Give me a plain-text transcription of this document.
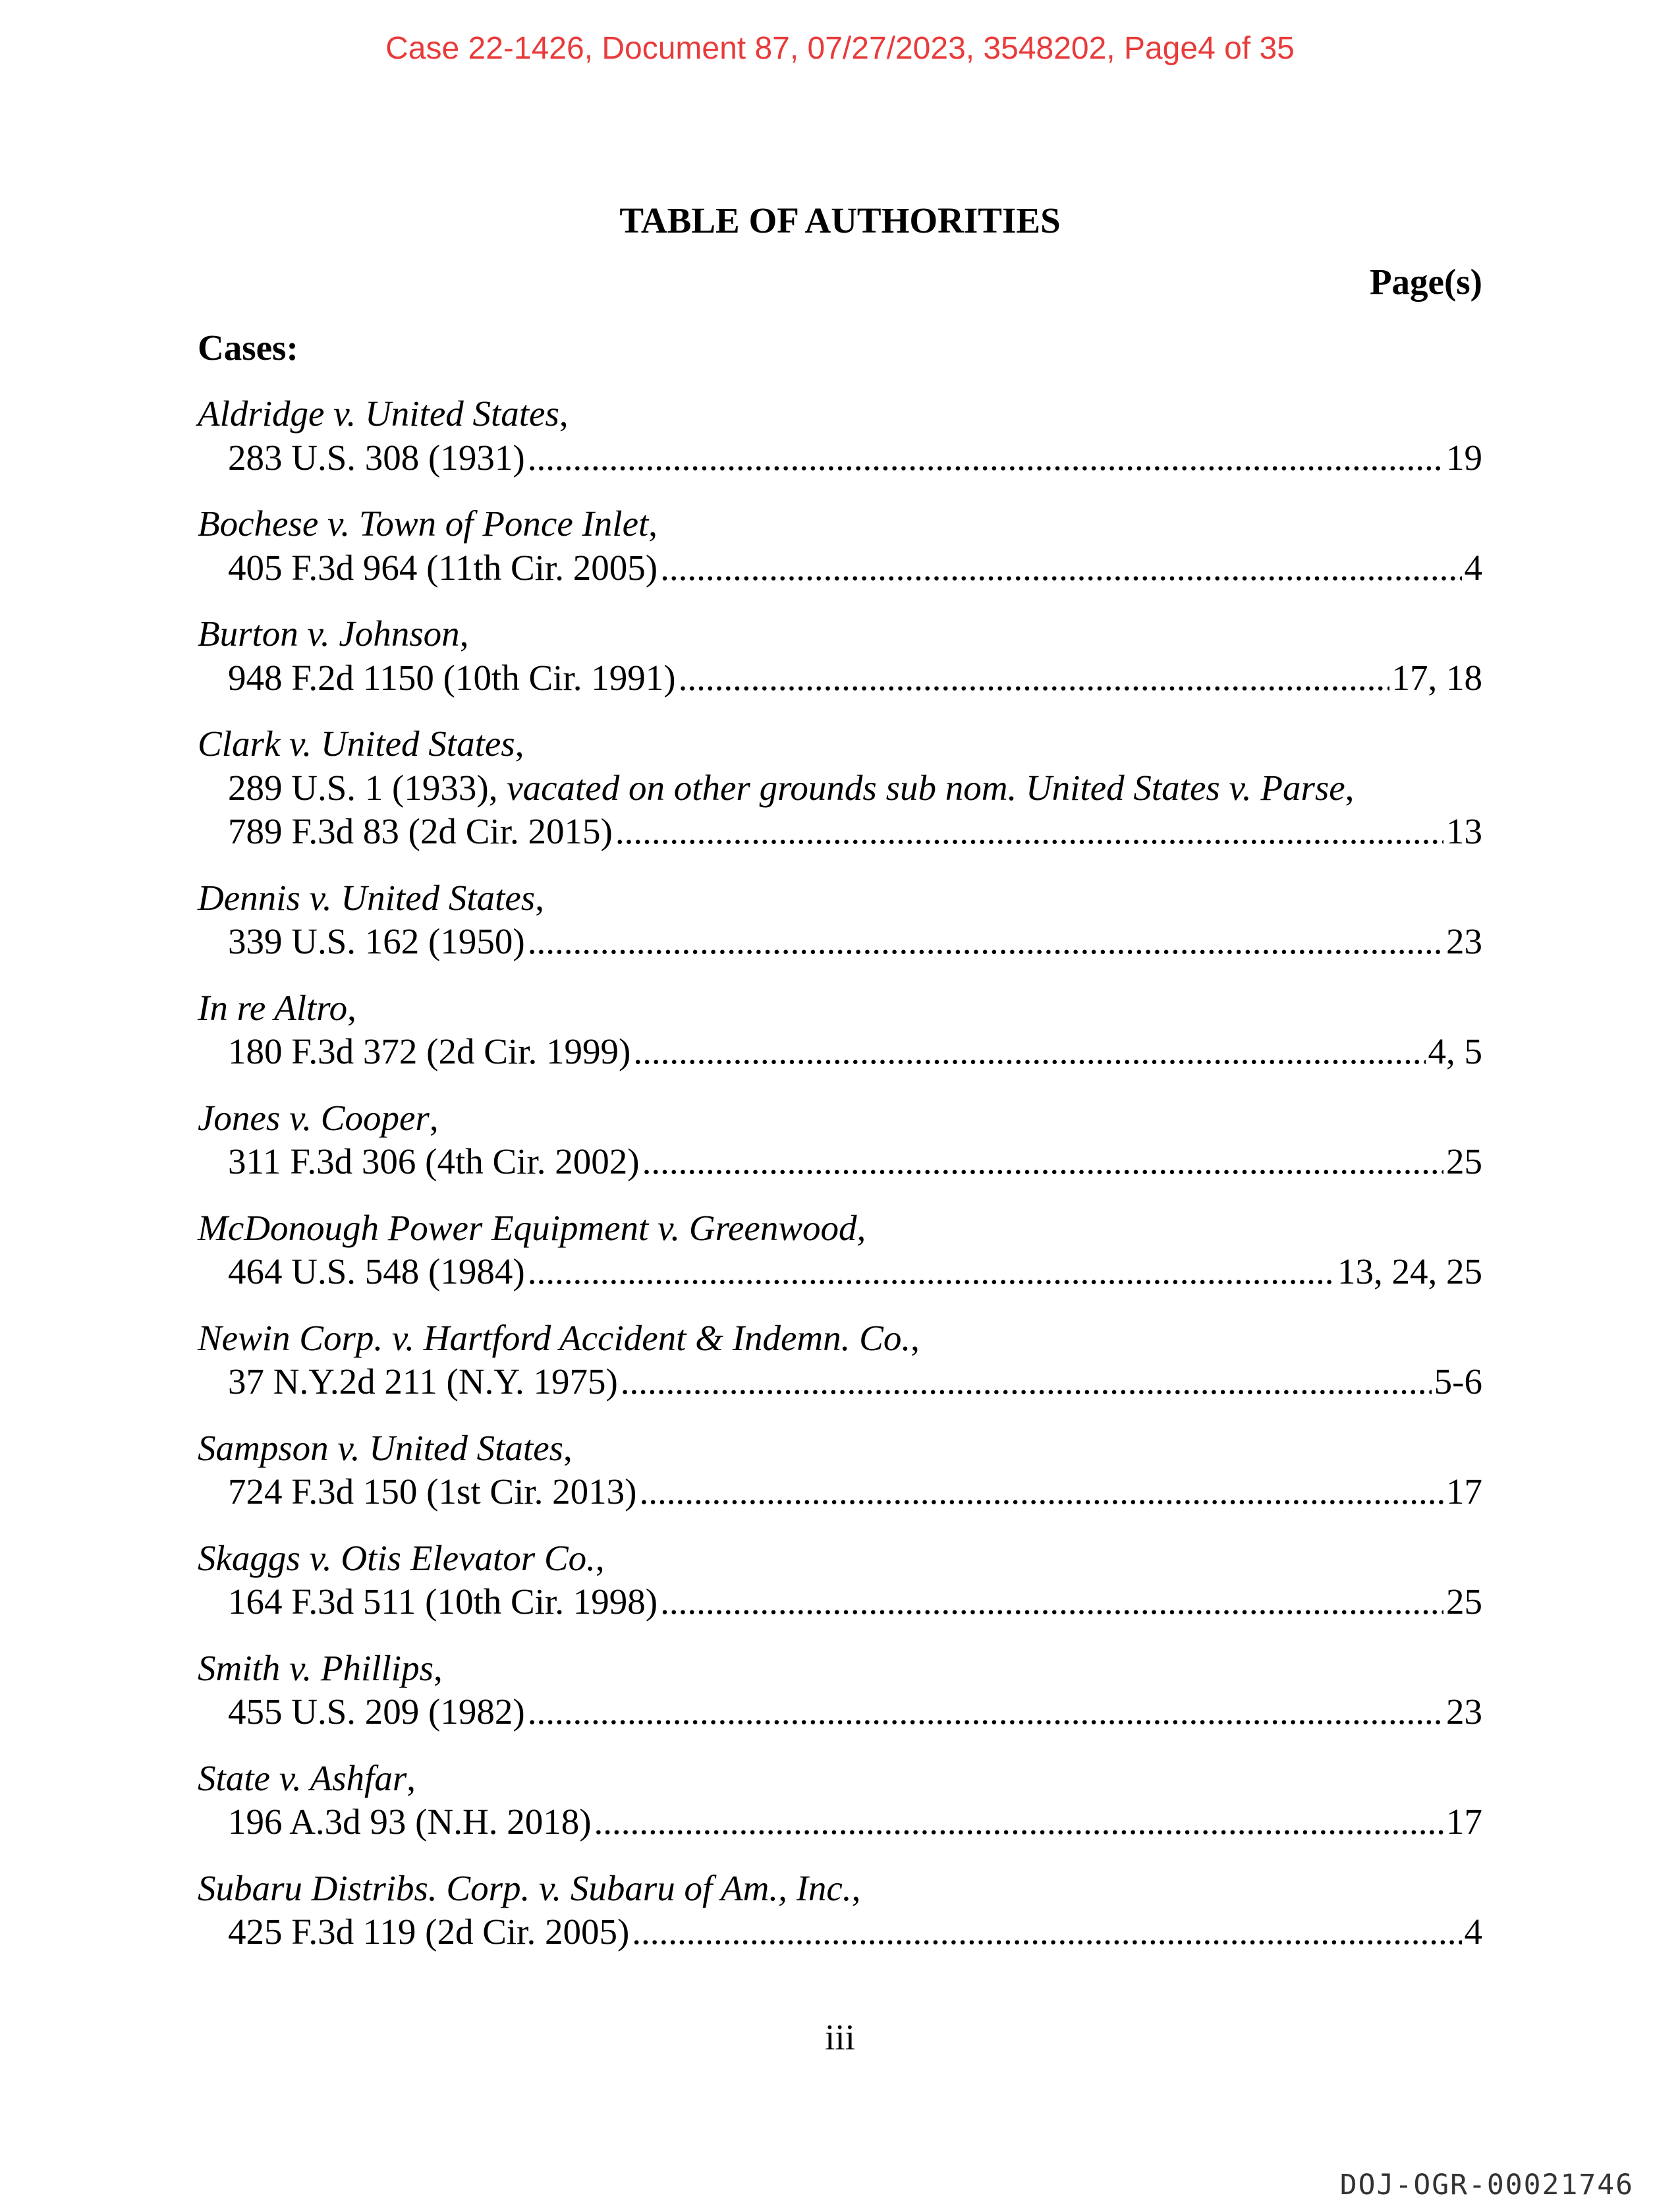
Case 22-1426, Document 87, 07/27/2023, 3548202, Page4 of 35
TABLE OF AUTHORITIES
Page(s)
Cases:
Aldridge v. United States,
283 U.S. 308 (1931) .....	19
Bochese v. Town of Ponce Inlet,
405 F.3d 964 (11th Cir. 2005) .....	4
Burton v. Johnson,
948 F.2d 1150 (10th Cir. 1991) .....	17, 18
Clark v. United States,
289 U.S. 1 (1933), vacated on other grounds sub nom. United States v. Parse,
789 F.3d 83 (2d Cir. 2015) .....	13
Dennis v. United States,
339 U.S. 162 (1950) .....	23
In re Altro,
180 F.3d 372 (2d Cir. 1999) .....	4, 5
Jones v. Cooper,
311 F.3d 306 (4th Cir. 2002) .....	25
McDonough Power Equipment v. Greenwood,
464 U.S. 548 (1984) .....	13, 24, 25
Newin Corp. v. Hartford Accident & Indemn. Co.,
37 N.Y.2d 211 (N.Y. 1975) .....	5-6
Sampson v. United States,
724 F.3d 150 (1st Cir. 2013) .....	17
Skaggs v. Otis Elevator Co.,
164 F.3d 511 (10th Cir. 1998) .....	25
Smith v. Phillips,
455 U.S. 209 (1982) .....	23
State v. Ashfar,
196 A.3d 93 (N.H. 2018) .....	17
Subaru Distribs. Corp. v. Subaru of Am., Inc.,
425 F.3d 119 (2d Cir. 2005) .....	4
iii
DOJ-OGR-00021746
